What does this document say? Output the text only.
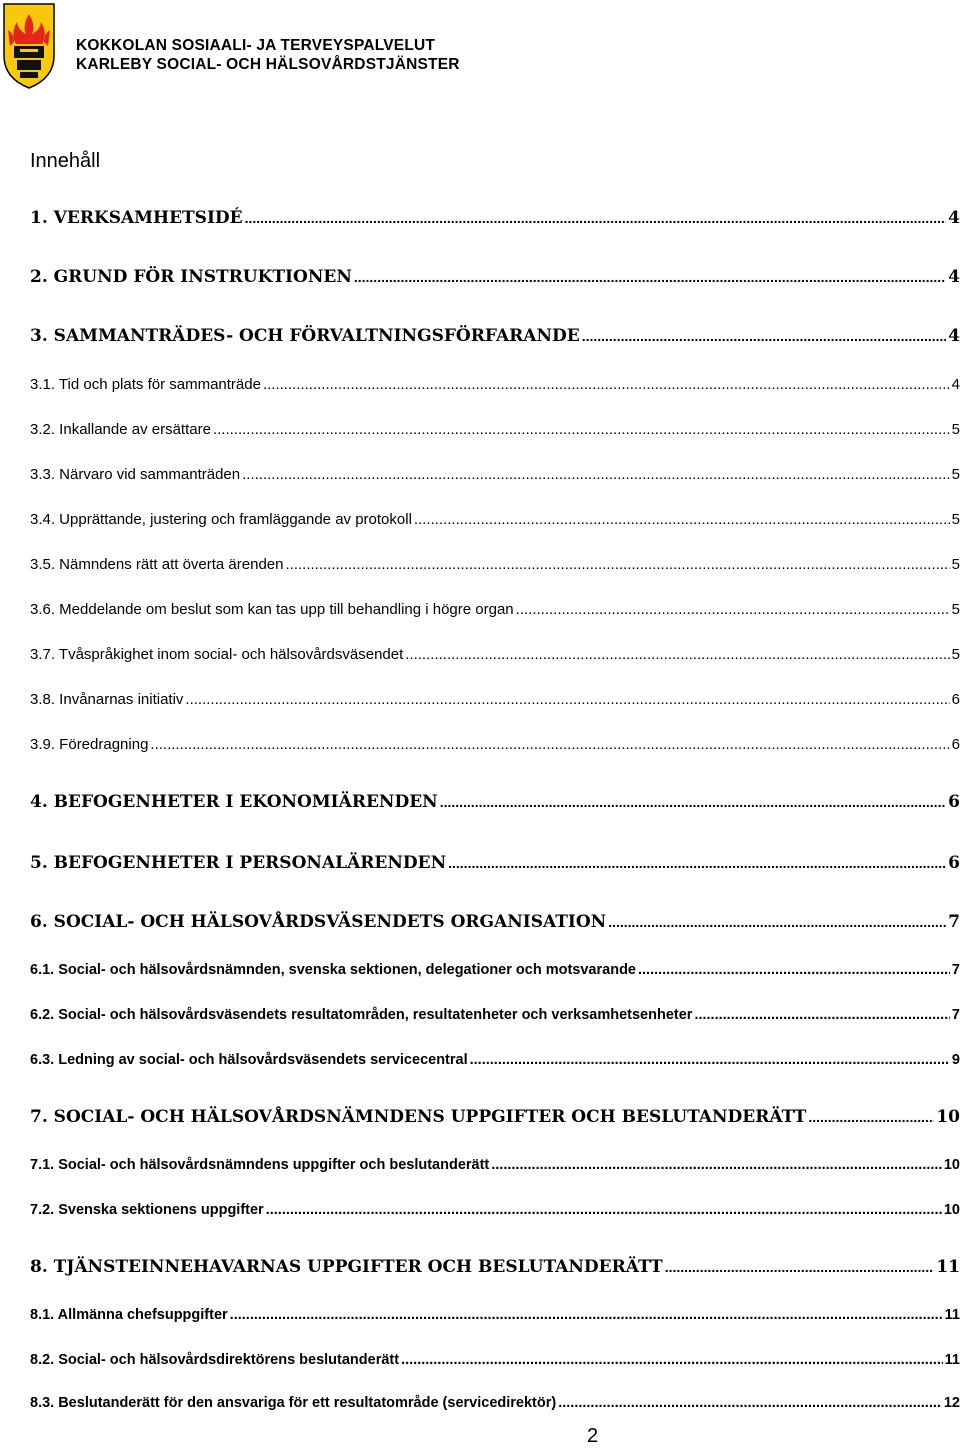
KOKKOLAN SOSIAALI- JA TERVEYSPALVELUT
KARLEBY SOCIAL- OCH HÄLSOVÅRDSTJÄNSTER
Innehåll
1. VERKSAMHETSIDÉ .....	4
2. GRUND FÖR INSTRUKTIONEN .....	4
3. SAMMANTRÄDES- OCH FÖRVALTNINGSFÖRFARANDE .....	4
3.1. Tid och plats för sammanträde .....	4
3.2. Inkallande av ersättare .....	5
3.3. Närvaro vid sammanträden .....	5
3.4. Upprättande, justering och framläggande av protokoll .....	5
3.5. Nämndens rätt att överta ärenden .....	5
3.6. Meddelande om beslut som kan tas upp till behandling i högre organ .....	5
3.7. Tvåspråkighet inom social- och hälsovårdsväsendet .....	5
3.8. Invånarnas initiativ .....	6
3.9. Föredragning .....	6
4. BEFOGENHETER I EKONOMIÄRENDEN .....	6
5. BEFOGENHETER I PERSONALÄRENDEN .....	6
6. SOCIAL- OCH HÄLSOVÅRDSVÄSENDETS ORGANISATION .....	7
6.1. Social- och hälsovårdsnämnden, svenska sektionen, delegationer och motsvarande .....	7
6.2. Social- och hälsovårdsväsendets resultatområden, resultatenheter och verksamhetsenheter .....	7
6.3. Ledning av social- och hälsovårdsväsendets servicecentral .....	9
7. SOCIAL- OCH HÄLSOVÅRDSNÄMNDENS UPPGIFTER OCH BESLUTANDERÄTT .....	10
7.1. Social- och hälsovårdsnämndens uppgifter och beslutanderätt .....	10
7.2. Svenska sektionens uppgifter .....	10
8. TJÄNSTEINNEHAVARNAS UPPGIFTER OCH BESLUTANDERÄTT .....	11
8.1. Allmänna chefsuppgifter .....	11
8.2. Social- och hälsovårdsdirektörens beslutanderätt .....	11
8.3. Beslutanderätt för den ansvariga för ett resultatområde (servicedirektör) .....	12
2
